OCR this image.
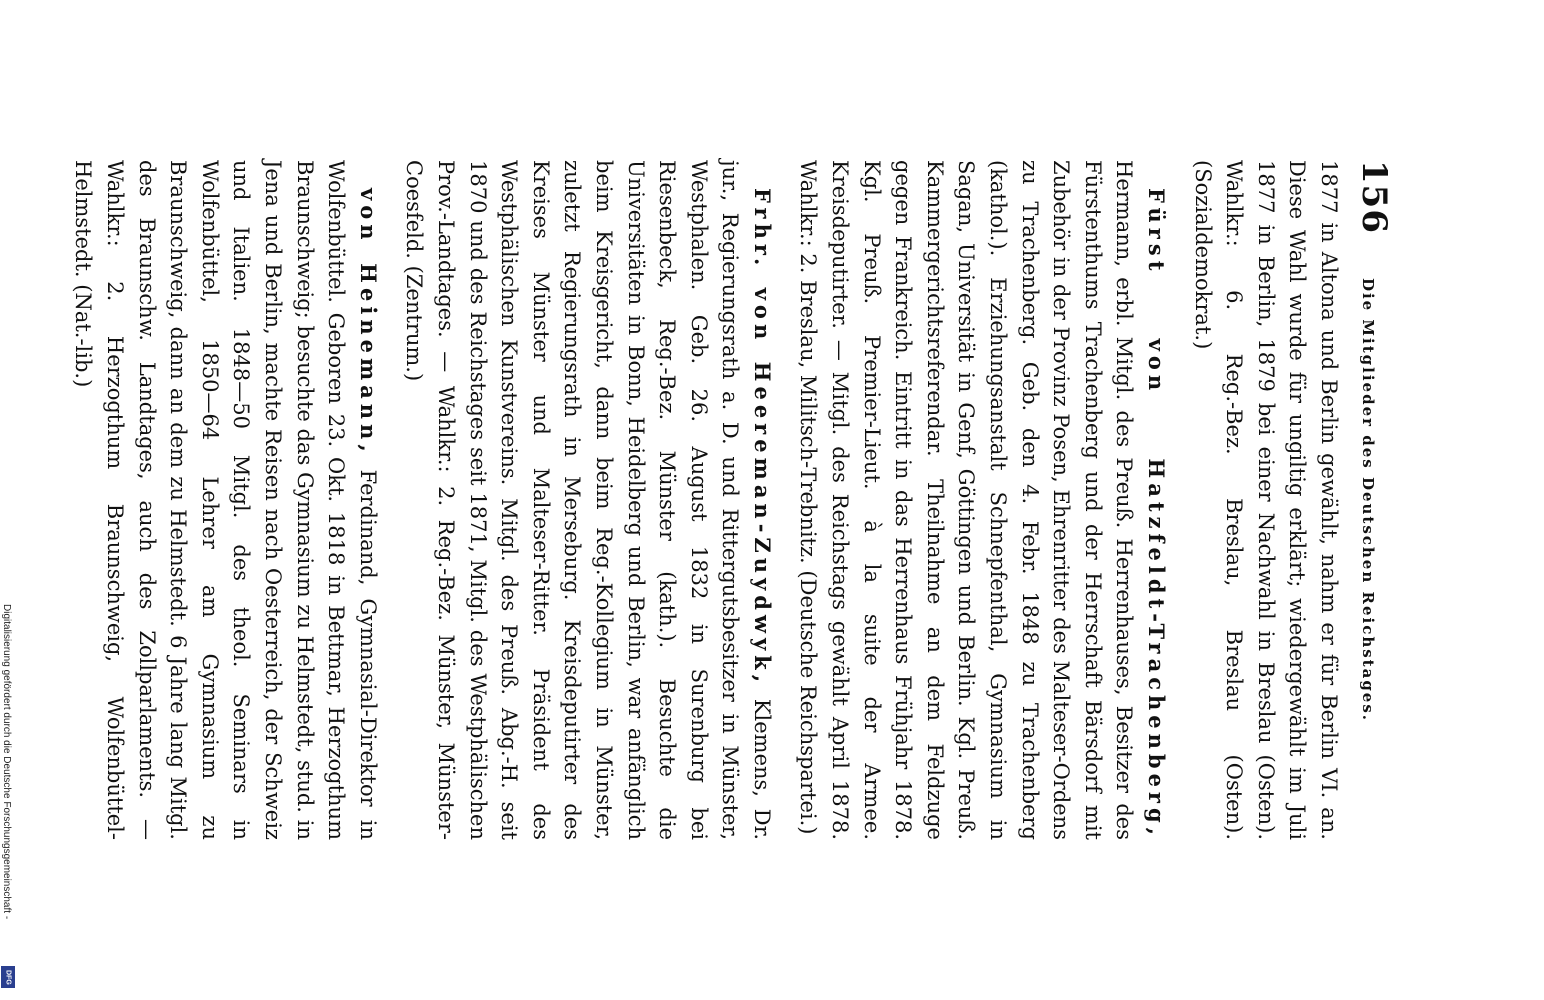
156
Die Mitglieder des Deutschen Reichstages.

1877 in Altona und Berlin gewählt, nahm er für Berlin VI. an. Diese Wahl wurde für ungiltig erklärt; wiedergewählt im Juli 1877 in Berlin, 1879 bei einer Nachwahl in Breslau (Osten). Wahlkr.: 6. Reg.-Bez. Breslau, Breslau (Osten). (Sozialdemokrat.)

Fürst von Hatzfeldt-Trachenberg, Hermann, erbl. Mitgl. des Preuß. Herrenhauses, Besitzer des Fürstenthums Trachenberg und der Herrschaft Bärsdorf mit Zubehör in der Provinz Posen, Ehrenritter des Malteser-Ordens zu Trachenberg. Geb. den 4. Febr. 1848 zu Trachenberg (kathol.). Erziehungsanstalt Schnepfenthal, Gymnasium in Sagan, Universität in Genf, Göttingen und Berlin. Kgl. Preuß. Kammergerichtsreferendar. Theilnahme an dem Feldzuge gegen Frankreich. Eintritt in das Herrenhaus Frühjahr 1878. Kgl. Preuß. Premier-Lieut. à la suite der Armee. Kreisdeputirter. — Mitgl. des Reichstags gewählt April 1878. Wahlkr.: 2. Breslau, Militsch-Trebnitz. (Deutsche Reichspartei.)

Frhr. von Heereman-Zuydwyk, Klemens, Dr. jur., Regierungsrath a. D. und Rittergutsbesitzer in Münster, Westphalen. Geb. 26. August 1832 in Surenburg bei Riesenbeck, Reg.-Bez. Münster (kath.). Besuchte die Universitäten in Bonn, Heidelberg und Berlin, war anfänglich beim Kreisgericht, dann beim Reg.-Kollegium in Münster, zuletzt Regierungsrath in Merseburg. Kreisdeputirter des Kreises Münster und Malteser-Ritter. Präsident des Westphälischen Kunstvereins. Mitgl. des Preuß. Abg.-H. seit 1870 und des Reichstages seit 1871, Mitgl. des Westphälischen Prov.-Landtages. — Wahlkr.: 2. Reg.-Bez. Münster, Münster-Coesfeld. (Zentrum.)

von Heinemann, Ferdinand, Gymnasial-Direktor in Wolfenbüttel. Geboren 23. Okt. 1818 in Bettmar, Herzogthum Braunschweig; besuchte das Gymnasium zu Helmstedt, stud. in Jena und Berlin, machte Reisen nach Oesterreich, der Schweiz und Italien. 1848—50 Mitgl. des theol. Seminars in Wolfenbüttel, 1850—64 Lehrer am Gymnasium zu Braunschweig, dann an dem zu Helmstedt. 6 Jahre lang Mitgl. des Braunschw. Landtages, auch des Zollparlaments. — Wahlkr.: 2. Herzogthum Braunschweig, Wolfenbüttel-Helmstedt. (Nat.-lib.)

Digitalisierung gefördert durch die Deutsche Forschungsgemeinschaft -
DFG
